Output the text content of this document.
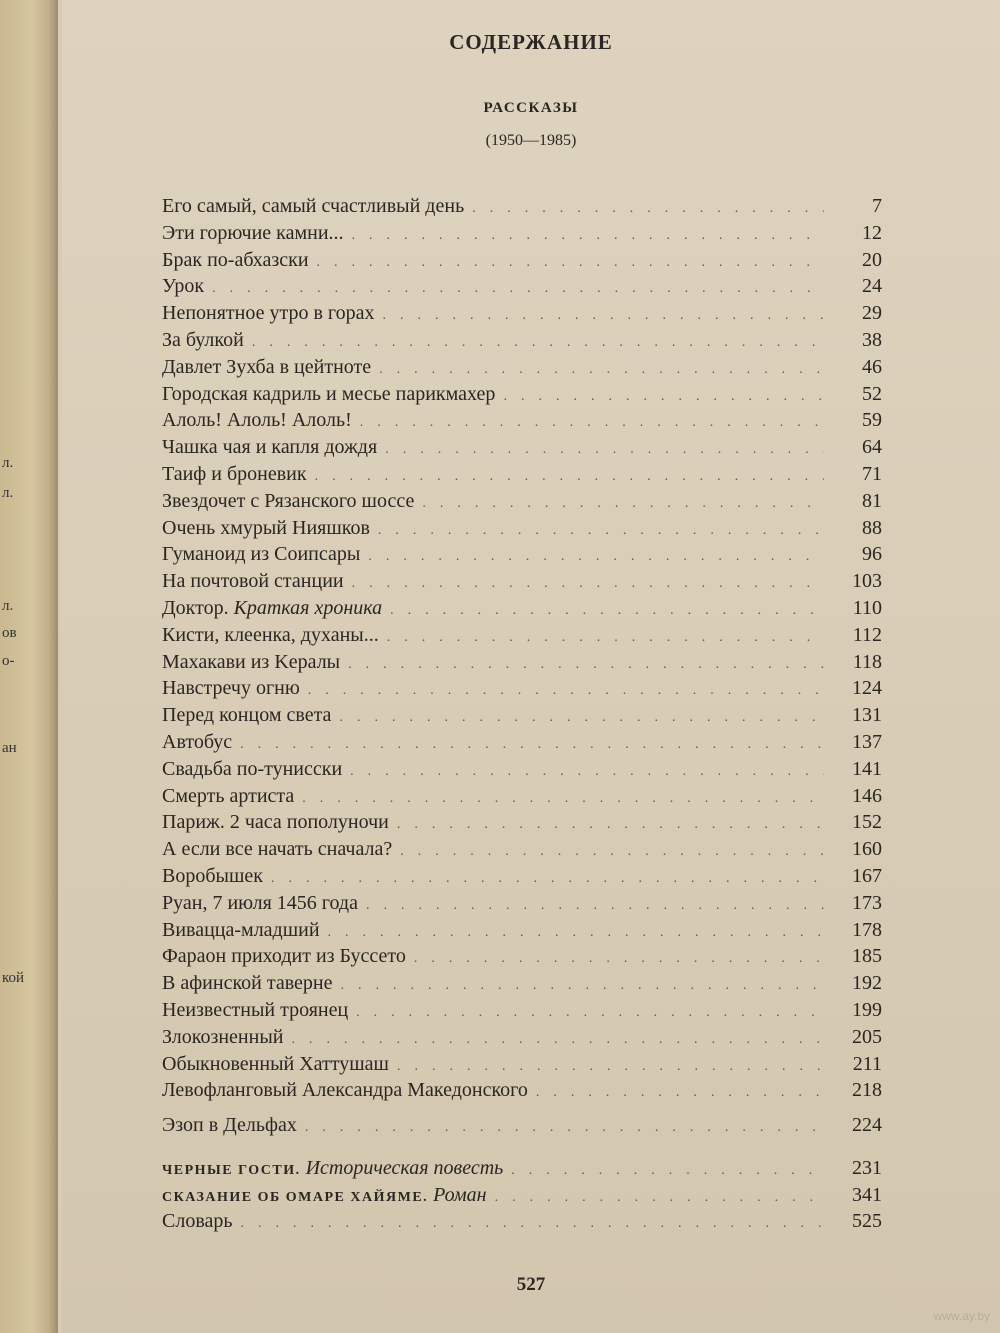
л.
л.
л.
ов
о-
ан
кой
СОДЕРЖАНИЕ
РАССКАЗЫ
(1950—1985)
Его самый, самый счастливый день .....	7
Эти горючие камни... .....	12
Брак по-абхазски .....	20
Урок .....	24
Непонятное утро в горах .....	29
За булкой .....	38
Давлет Зухба в цейтноте .....	46
Городская кадриль и месье парикмахер .....	52
Алоль! Алоль! Алоль! .....	59
Чашка чая и капля дождя .....	64
Таиф и броневик .....	71
Звездочет с Рязанского шоссе .....	81
Очень хмурый Нияшков .....	88
Гуманоид из Соипсары .....	96
На почтовой станции .....	103
Доктор. Краткая хроника .....	110
Кисти, клеенка, духаны... .....	112
Махакави из Keралы .....	118
Навстречу огню .....	124
Перед концом света .....	131
Автобус .....	137
Свадьба по-тунисски .....	141
Смерть артиста .....	146
Париж. 2 часа пополуночи .....	152
А если все начать сначала? .....	160
Воробышек .....	167
Руан, 7 июля 1456 года .....	173
Виваццa-младший .....	178
Фараон приходит из Буссето .....	185
В афинской таверне .....	192
Неизвестный троянец .....	199
Злокозненный .....	205
Обыкновенный Хаттушаш .....	211
Левофланговый Александра Македонского .....	218
Эзоп в Дельфах .....	224
ЧЕРНЫЕ ГОСТИ. Историческая повесть .....	231
СКАЗАНИЕ ОБ ОМАРЕ ХАЙЯМЕ. Роман .....	341
Словарь .....	525
527
www.ay.by
